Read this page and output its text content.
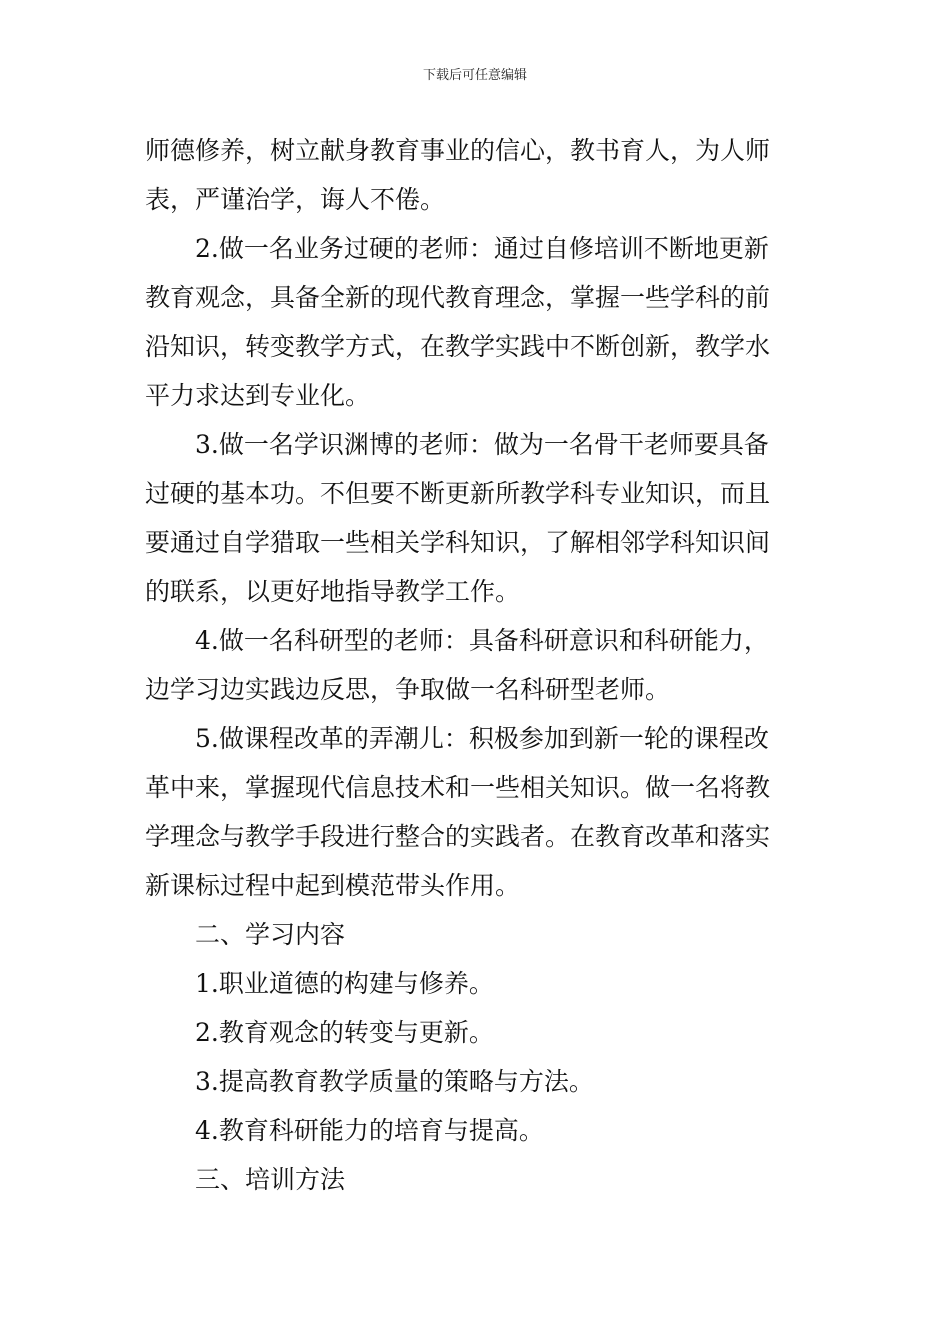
下载后可任意编辑
师德修养，树立献身教育事业的信心，教书育人，为人师
表，严谨治学，诲人不倦。
2.做一名业务过硬的老师：通过自修培训不断地更新
教育观念，具备全新的现代教育理念，掌握一些学科的前
沿知识，转变教学方式，在教学实践中不断创新，教学水
平力求达到专业化。
3.做一名学识渊博的老师：做为一名骨干老师要具备
过硬的基本功。不但要不断更新所教学科专业知识，而且
要通过自学猎取一些相关学科知识，了解相邻学科知识间
的联系，以更好地指导教学工作。
4.做一名科研型的老师：具备科研意识和科研能力，
边学习边实践边反思，争取做一名科研型老师。
5.做课程改革的弄潮儿：积极参加到新一轮的课程改
革中来，掌握现代信息技术和一些相关知识。做一名将教
学理念与教学手段进行整合的实践者。在教育改革和落实
新课标过程中起到模范带头作用。
二、学习内容
1.职业道德的构建与修养。
2.教育观念的转变与更新。
3.提高教育教学质量的策略与方法。
4.教育科研能力的培育与提高。
三、培训方法
